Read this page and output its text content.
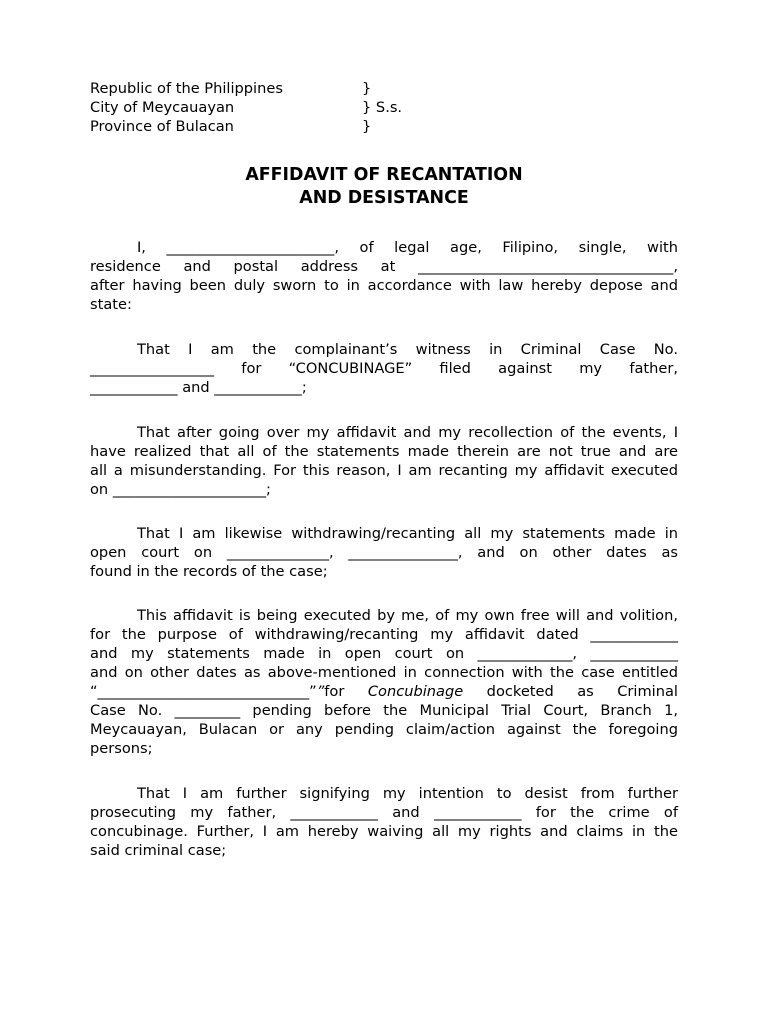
Republic of the Philippines	}
City of Meycauayan	} S.s.
Province of Bulacan	}
AFFIDAVIT OF RECANTATION
AND DESISTANCE
I, _______________________, of legal age, Filipino, single, with
residence and postal address at ___________________________________,
after having been duly sworn to in accordance with law hereby depose and
state:
That I am the complainant’s witness in Criminal Case No.
_________________ for “CONCUBINAGE” filed against my father,
____________ and ____________;
That after going over my affidavit and my recollection of the events, I
have realized that all of the statements made therein are not true and are
all a misunderstanding. For this reason, I am recanting my affidavit executed
on _____________________;
That I am likewise withdrawing/recanting all my statements made in
open court on ______________, _______________, and on other dates as
found in the records of the case;
This affidavit is being executed by me, of my own free will and volition,
for the purpose of withdrawing/recanting my affidavit dated ____________
and my statements made in open court on _____________, ____________
and on other dates as above-mentioned in connection with the case entitled
“_____________________________””for Concubinage docketed as Criminal
Case No. _________ pending before the Municipal Trial Court, Branch 1,
Meycauayan, Bulacan or any pending claim/action against the foregoing
persons;
That I am further signifying my intention to desist from further
prosecuting my father, ____________ and ____________ for the crime of
concubinage. Further, I am hereby waiving all my rights and claims in the
said criminal case;
